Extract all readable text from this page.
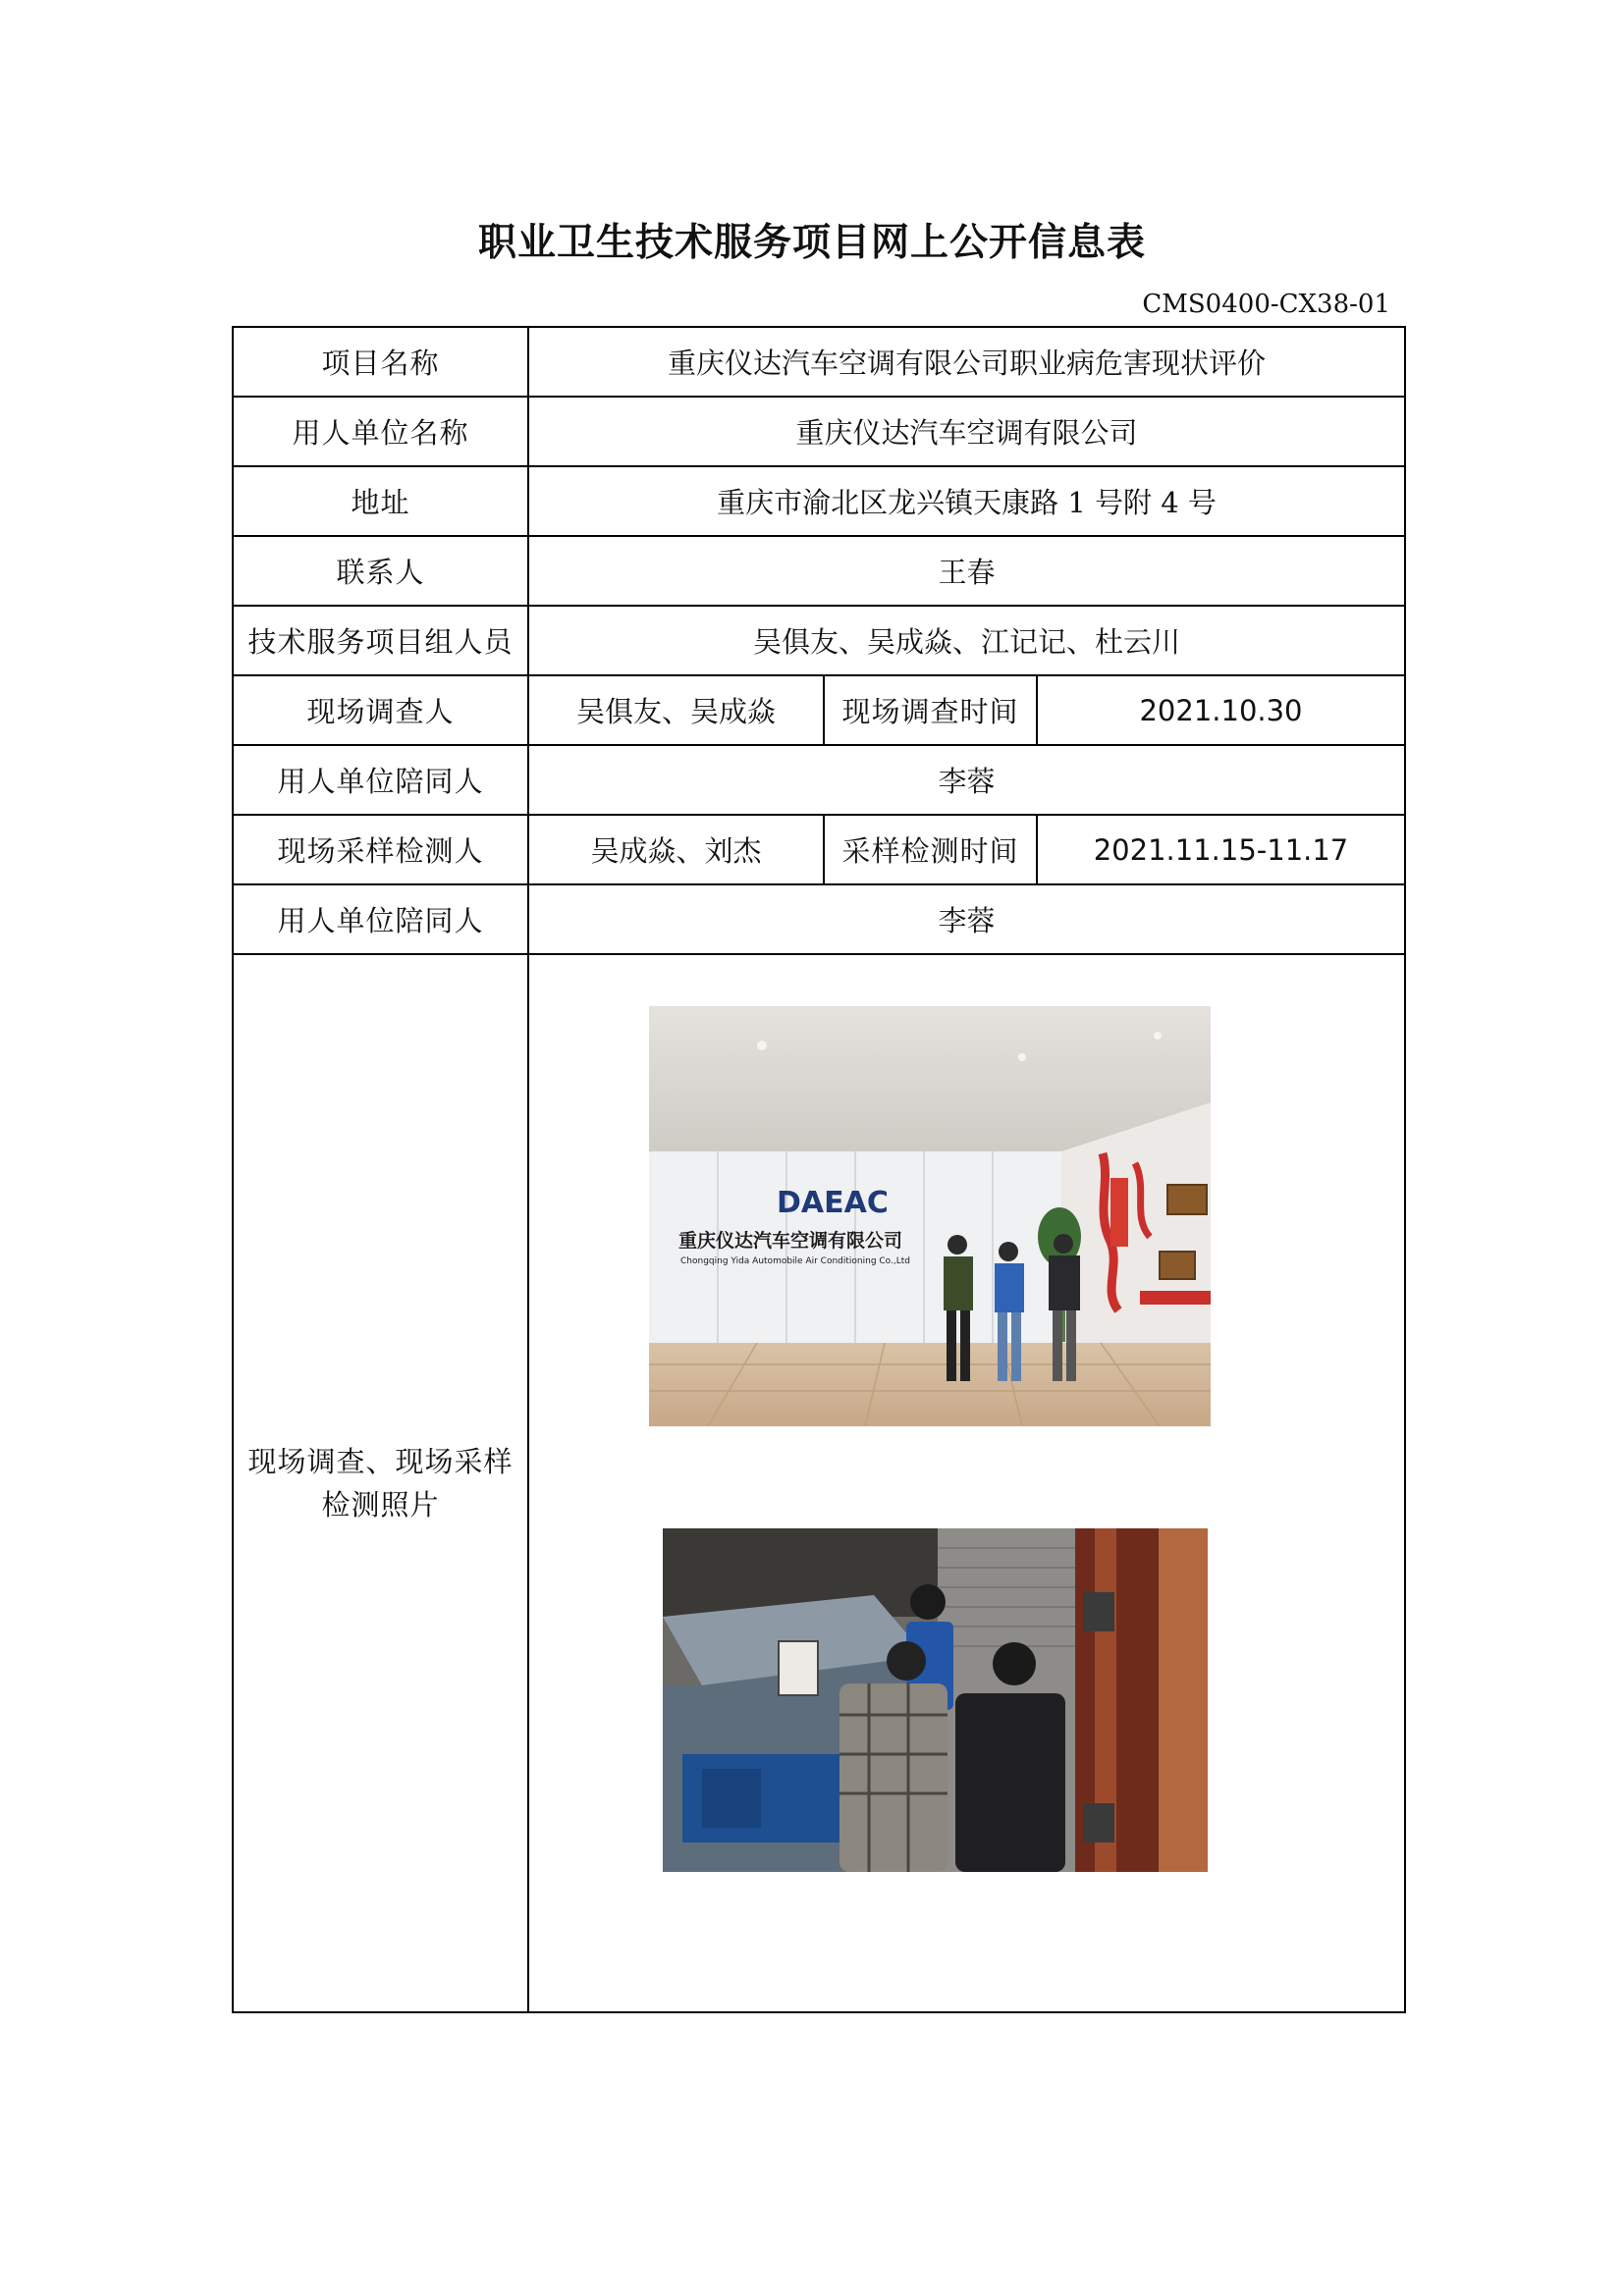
职业卫生技术服务项目网上公开信息表
CMS0400-CX38-01
项目名称	重庆仪达汽车空调有限公司职业病危害现状评价		
用人单位名称	重庆仪达汽车空调有限公司		
地址	重庆市渝北区龙兴镇天康路 1 号附 4 号		
联系人	王春		
技术服务项目组人员	吴俱友、吴成焱、江记记、杜云川		
现场调查人	吴俱友、吴成焱	现场调查时间	2021.10.30
用人单位陪同人	李蓉		
现场采样检测人	吴成焱、刘杰	采样检测时间	2021.11.15-11.17
用人单位陪同人	李蓉		

现场调查、现场采样
检测照片	DAEAC
重庆仪达汽车空调有限公司
Chongqing Yida Automobile Air Conditioning Co.,Ltd		
